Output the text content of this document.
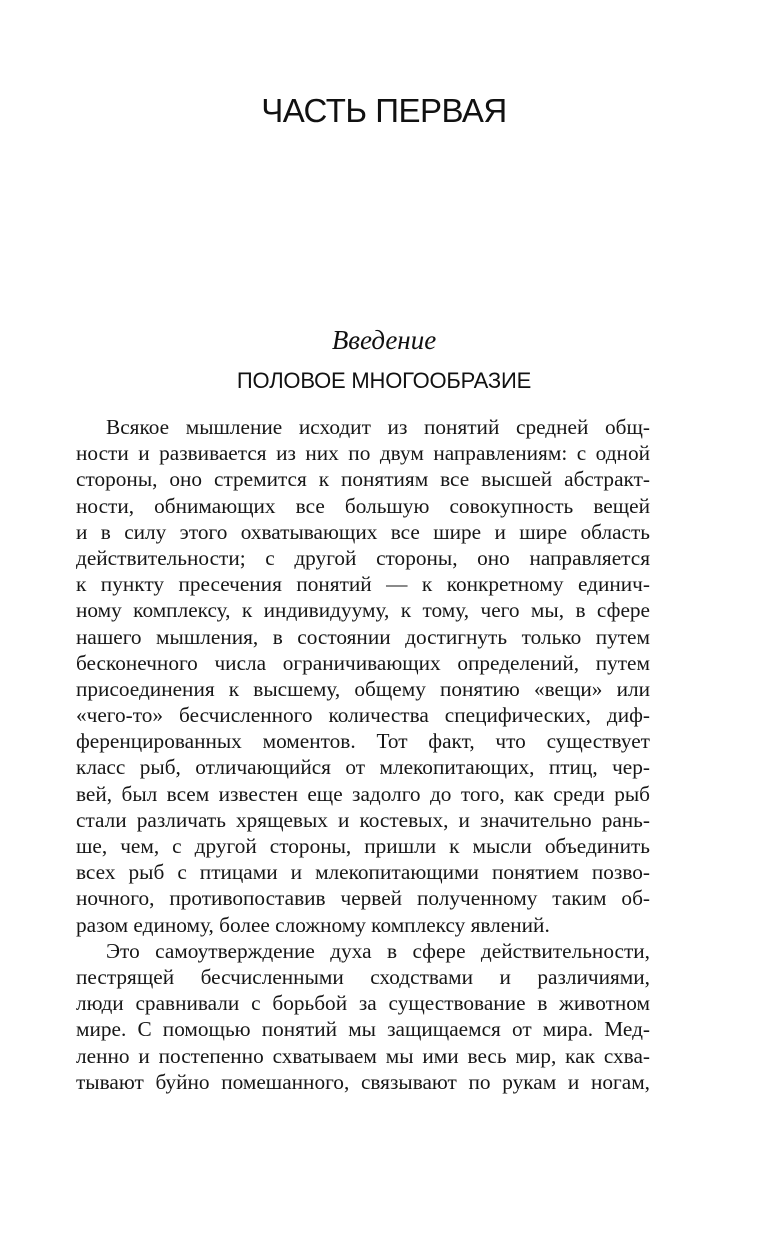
ЧАСТЬ ПЕРВАЯ
Введение
ПОЛОВОЕ МНОГООБРАЗИЕ

Всякое мышление исходит из понятий средней общ-
ности и развивается из них по двум направлениям: с одной
стороны, оно стремится к понятиям все высшей абстракт-
ности, обнимающих все большую совокупность вещей
и в силу этого охватывающих все шире и шире область
действительности; с другой стороны, оно направляется
к пункту пресечения понятий — к конкретному единич-
ному комплексу, к индивидууму, к тому, чего мы, в сфере
нашего мышления, в состоянии достигнуть только путем
бесконечного числа ограничивающих определений, путем
присоединения к высшему, общему понятию «вещи» или
«чего-то» бесчисленного количества специфических, диф-
ференцированных моментов. Тот факт, что существует
класс рыб, отличающийся от млекопитающих, птиц, чер-
вей, был всем известен еще задолго до того, как среди рыб
стали различать хрящевых и костевых, и значительно рань-
ше, чем, с другой стороны, пришли к мысли объединить
всех рыб с птицами и млекопитающими понятием позво-
ночного, противопоставив червей полученному таким об-
разом единому, более сложному комплексу явлений.

Это самоутверждение духа в сфере действительности,
пестрящей бесчисленными сходствами и различиями,
люди сравнивали с борьбой за существование в животном
мире. С помощью понятий мы защищаемся от мира. Мед-
ленно и постепенно схватываем мы ими весь мир, как схва-
тывают буйно помешанного, связывают по рукам и ногам,
